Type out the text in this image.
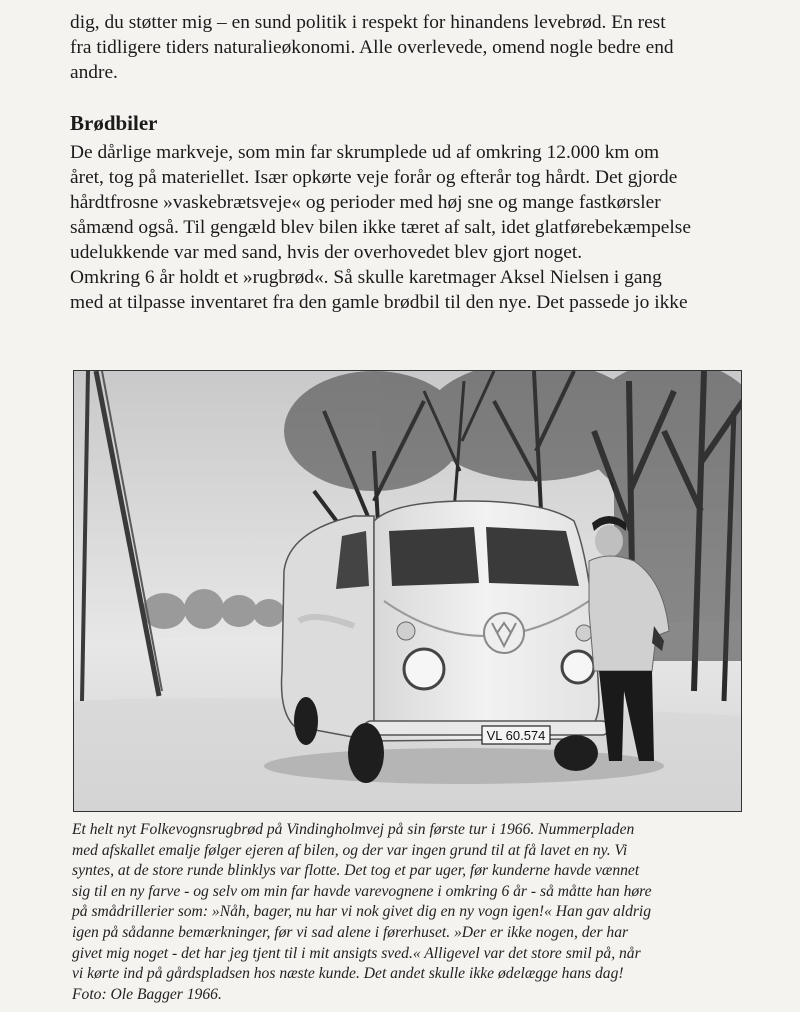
dig, du støtter mig – en sund politik i respekt for hinandens levebrød. En rest
fra tidligere tiders naturalieøkonomi. Alle overlevede, omend nogle bedre end
andre.
Brødbiler
De dårlige markveje, som min far skrumplede ud af omkring 12.000 km om
året, tog på materiellet. Især opkørte veje forår og efterår tog hårdt. Det gjorde
hårdtfrosne »vaskebrætsveje« og perioder med høj sne og mange fastkørsler
såmænd også. Til gengæld blev bilen ikke tæret af salt, idet glatførebekæmpelse
udelukkende var med sand, hvis der overhovedet blev gjort noget.
Omkring 6 år holdt et »rugbrød«. Så skulle karetmager Aksel Nielsen i gang
med at tilpasse inventaret fra den gamle brødbil til den nye. Det passede jo ikke
VL 60.574
Et helt nyt Folkevognsrugbrød på Vindingholmvej på sin første tur i 1966. Nummerpladen
med afskallet emalje følger ejeren af bilen, og der var ingen grund til at få lavet en ny. Vi
syntes, at de store runde blinklys var flotte. Det tog et par uger, før kunderne havde vænnet
sig til en ny farve - og selv om min far havde varevognene i omkring 6 år - så måtte han høre
på smådrillerier som: »Nåh, bager, nu har vi nok givet dig en ny vogn igen!« Han gav aldrig
igen på sådanne bemærkninger, før vi sad alene i førerhuset. »Der er ikke nogen, der har
givet mig noget - det har jeg tjent til i mit ansigts sved.« Alligevel var det store smil på, når
vi kørte ind på gårdspladsen hos næste kunde. Det andet skulle ikke ødelægge hans dag!
Foto: Ole Bagger 1966.
